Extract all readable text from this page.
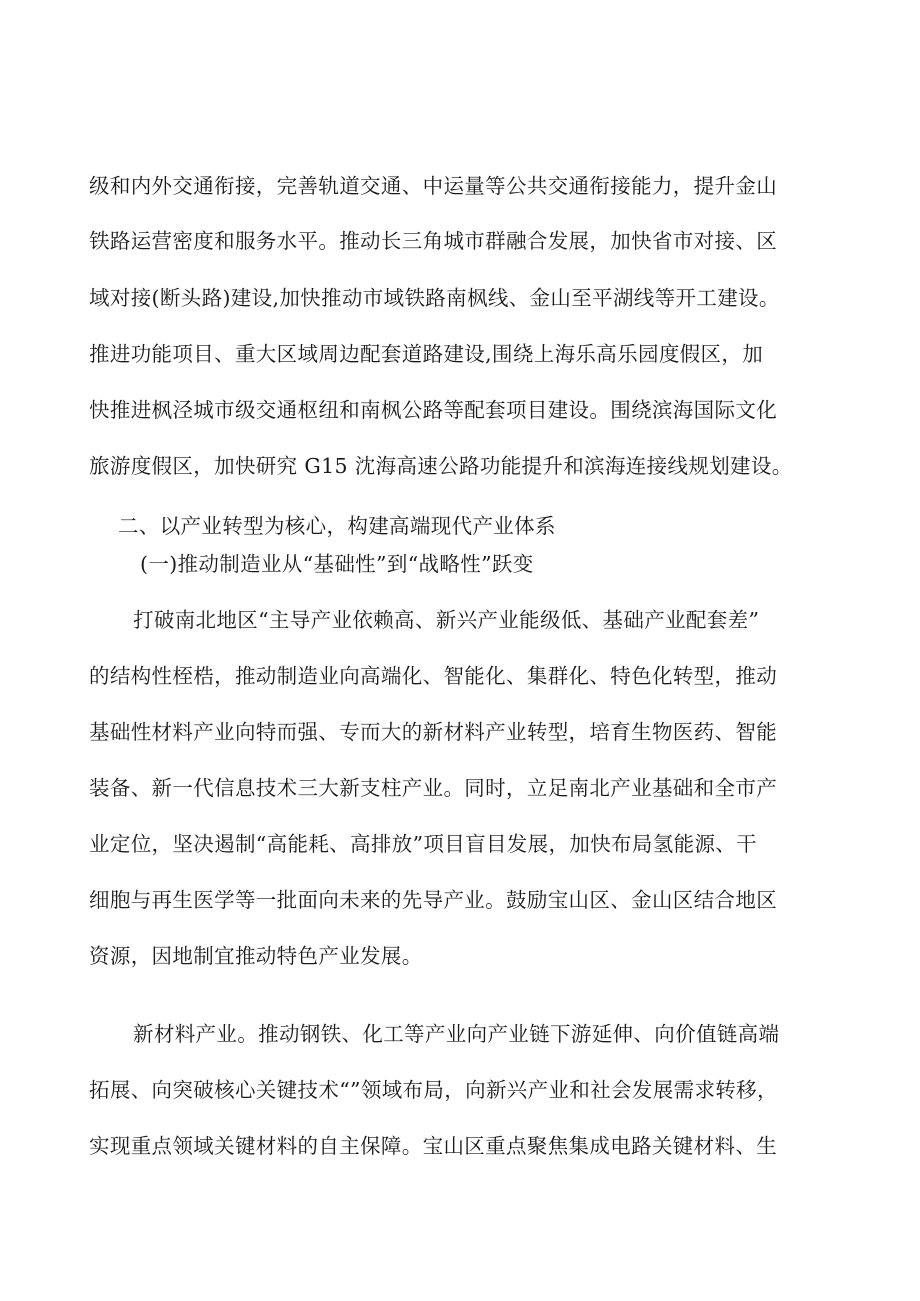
级和内外交通衔接，完善轨道交通、中运量等公共交通衔接能力，提升金山
铁路运营密度和服务水平。推动长三角城市群融合发展，加快省市对接、区
域对接(断头路)建设,加快推动市域铁路南枫线、金山至平湖线等开工建设。
推进功能项目、重大区域周边配套道路建设,围绕上海乐高乐园度假区，加
快推进枫泾城市级交通枢纽和南枫公路等配套项目建设。围绕滨海国际文化
旅游度假区，加快研究 G15 沈海高速公路功能提升和滨海连接线规划建设。
二、以产业转型为核心，构建高端现代产业体系
(一)推动制造业从“基础性”到“战略性”跃变
打破南北地区“主导产业依赖高、新兴产业能级低、基础产业配套差”
的结构性桎梏，推动制造业向高端化、智能化、集群化、特色化转型，推动
基础性材料产业向特而强、专而大的新材料产业转型，培育生物医药、智能
装备、新一代信息技术三大新支柱产业。同时，立足南北产业基础和全市产
业定位，坚决遏制“高能耗、高排放”项目盲目发展，加快布局氢能源、干
细胞与再生医学等一批面向未来的先导产业。鼓励宝山区、金山区结合地区
资源，因地制宜推动特色产业发展。
新材料产业。推动钢铁、化工等产业向产业链下游延伸、向价值链高端
拓展、向突破核心关键技术“”领域布局，向新兴产业和社会发展需求转移，
实现重点领域关键材料的自主保障。宝山区重点聚焦集成电路关键材料、生
